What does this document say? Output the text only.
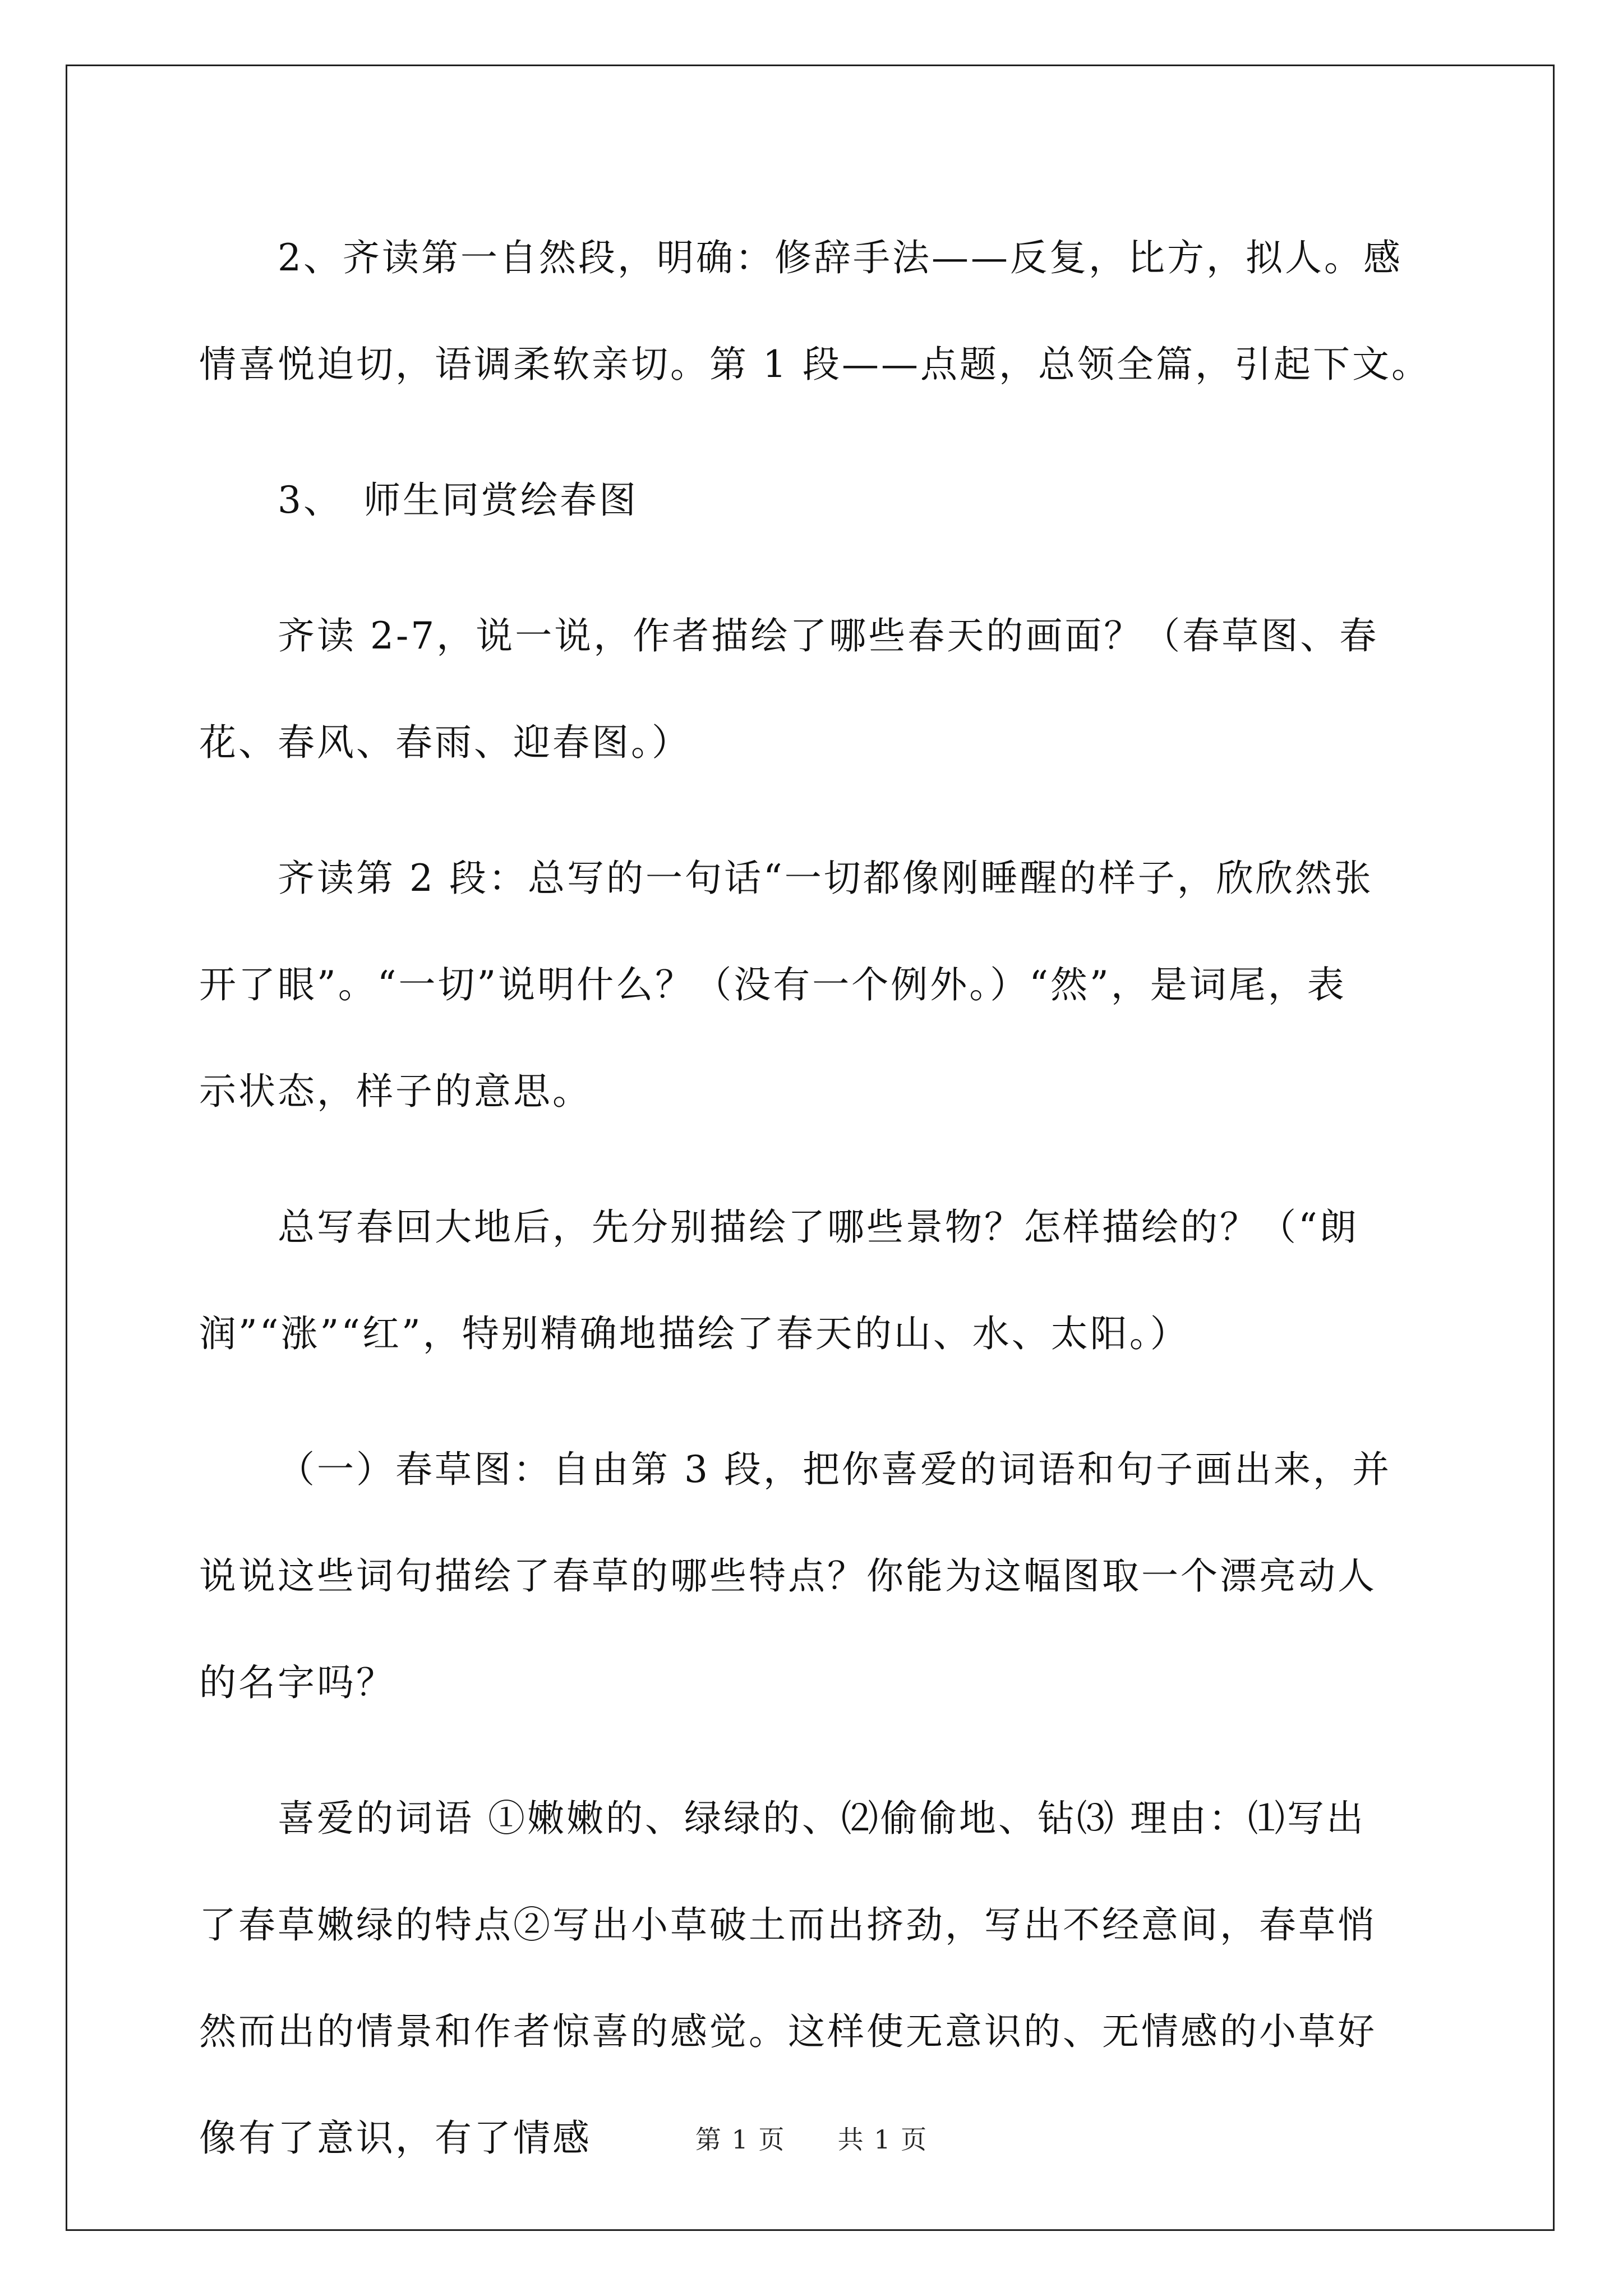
2、齐读第一自然段，明确：修辞手法——反复，比方，拟人。感
情喜悦迫切，语调柔软亲切。第 1 段——点题，总领全篇，引起下文。

3、　师生同赏绘春图

齐读 2-7，说一说，作者描绘了哪些春天的画面？（春草图、春
花、春风、春雨、迎春图。）

齐读第 2 段：总写的一句话“一切都像刚睡醒的样子，欣欣然张
开了眼”。“一切”说明什么？（没有一个例外。）“然”，是词尾，表
示状态，样子的意思。

总写春回大地后，先分别描绘了哪些景物？怎样描绘的？（“朗
润”“涨”“红”，特别精确地描绘了春天的山、水、太阳。）

（一）春草图：自由第 3 段，把你喜爱的词语和句子画出来，并
说说这些词句描绘了春草的哪些特点？你能为这幅图取一个漂亮动人
的名字吗？

喜爱的词语 ①嫩嫩的、绿绿的、⑵偷偷地、钻⑶ 理由：⑴写出
了春草嫩绿的特点②写出小草破土而出挤劲，写出不经意间，春草悄
然而出的情景和作者惊喜的感觉。这样使无意识的、无情感的小草好
像有了意识，有了情感	第 1 页 共 1 页
